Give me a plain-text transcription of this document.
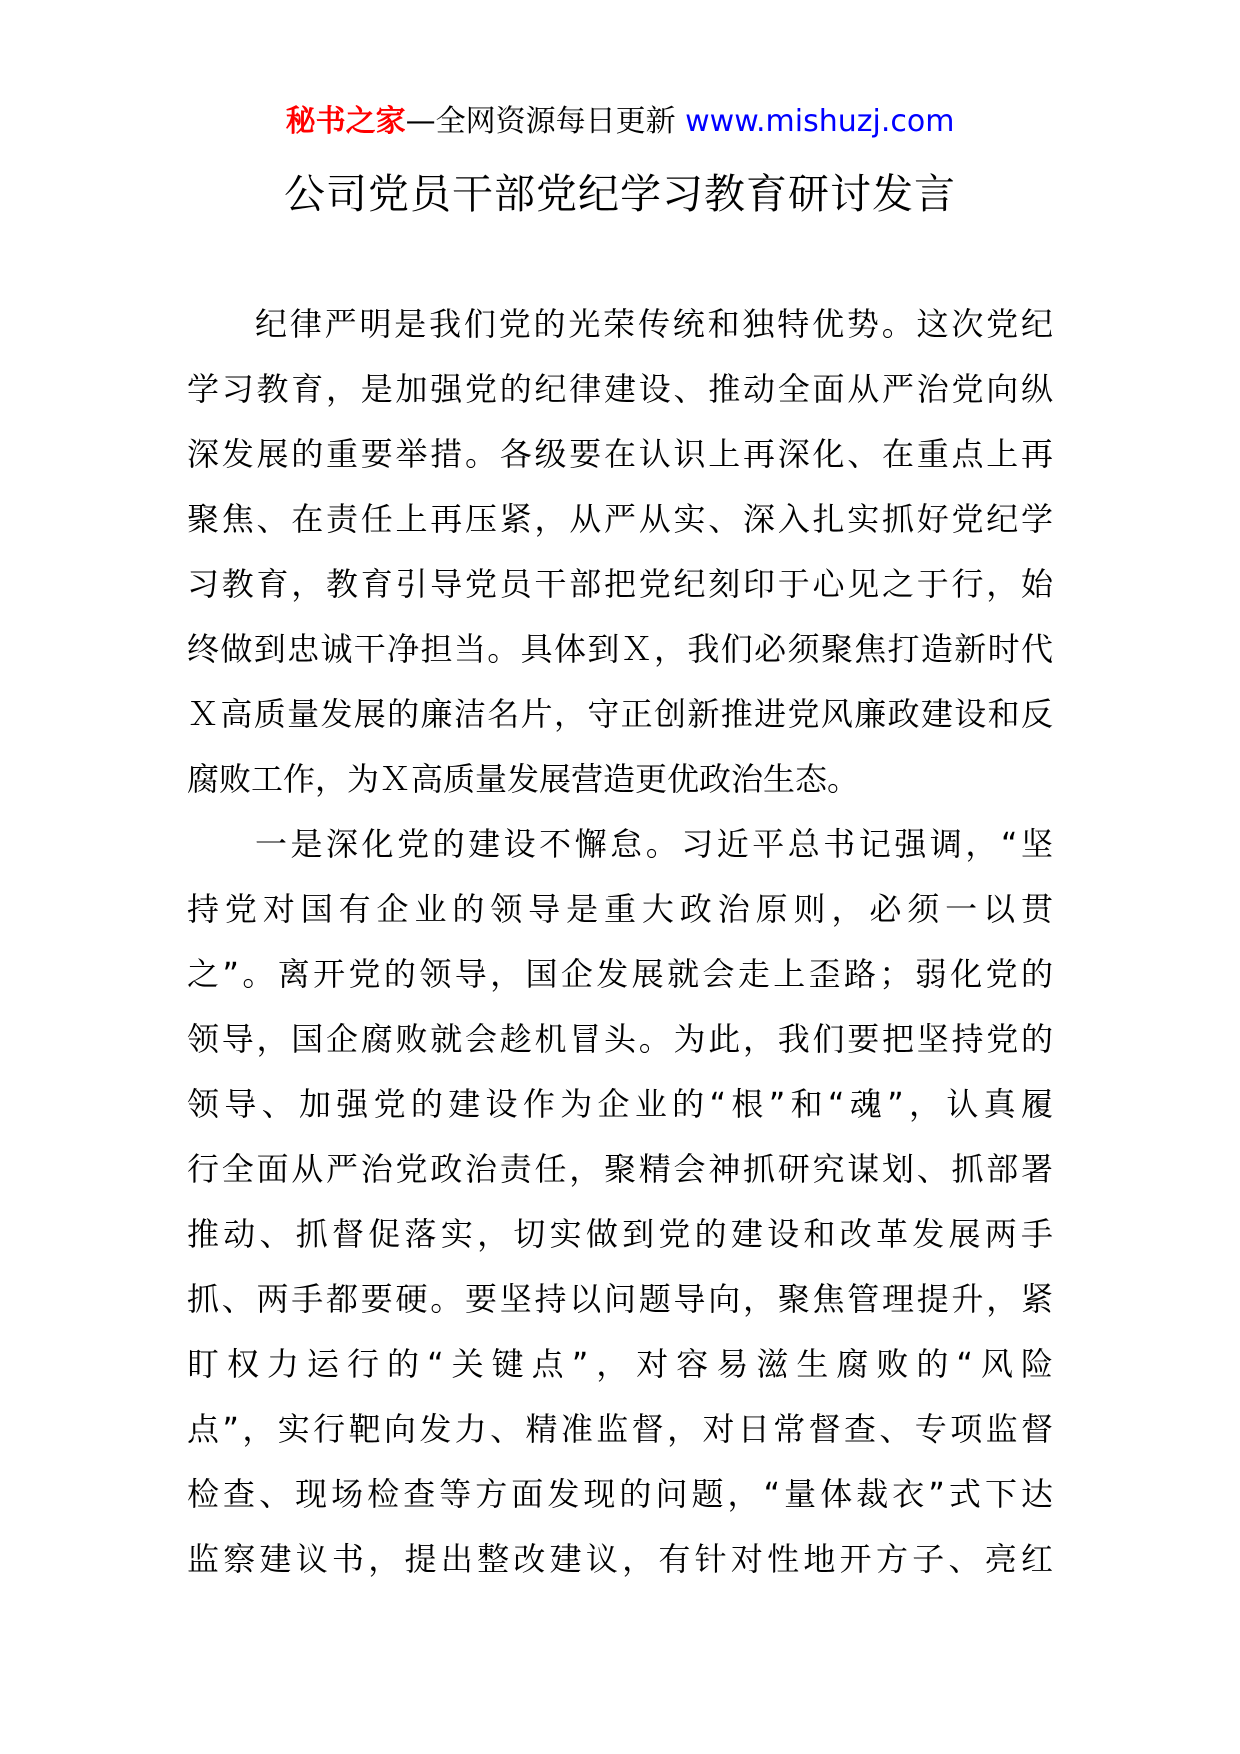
秘书之家—全网资源每日更新 www.mishuzj.com
公司党员干部党纪学习教育研讨发言
纪律严明是我们党的光荣传统和独特优势。这次党纪
学习教育，是加强党的纪律建设、推动全面从严治党向纵
深发展的重要举措。各级要在认识上再深化、在重点上再
聚焦、在责任上再压紧，从严从实、深入扎实抓好党纪学
习教育，教育引导党员干部把党纪刻印于心见之于行，始
终做到忠诚干净担当。具体到Ｘ，我们必须聚焦打造新时代
Ｘ高质量发展的廉洁名片，守正创新推进党风廉政建设和反
腐败工作，为Ｘ高质量发展营造更优政治生态。
一是深化党的建设不懈怠。习近平总书记强调，“坚
持党对国有企业的领导是重大政治原则，必须一以贯
之”。离开党的领导，国企发展就会走上歪路；弱化党的
领导，国企腐败就会趁机冒头。为此，我们要把坚持党的
领导、加强党的建设作为企业的“根”和“魂”，认真履
行全面从严治党政治责任，聚精会神抓研究谋划、抓部署
推动、抓督促落实，切实做到党的建设和改革发展两手
抓、两手都要硬。要坚持以问题导向，聚焦管理提升，紧
盯权力运行的“关键点”，对容易滋生腐败的“风险
点”，实行靶向发力、精准监督，对日常督查、专项监督
检查、现场检查等方面发现的问题，“量体裁衣”式下达
监察建议书，提出整改建议，有针对性地开方子、亮红
